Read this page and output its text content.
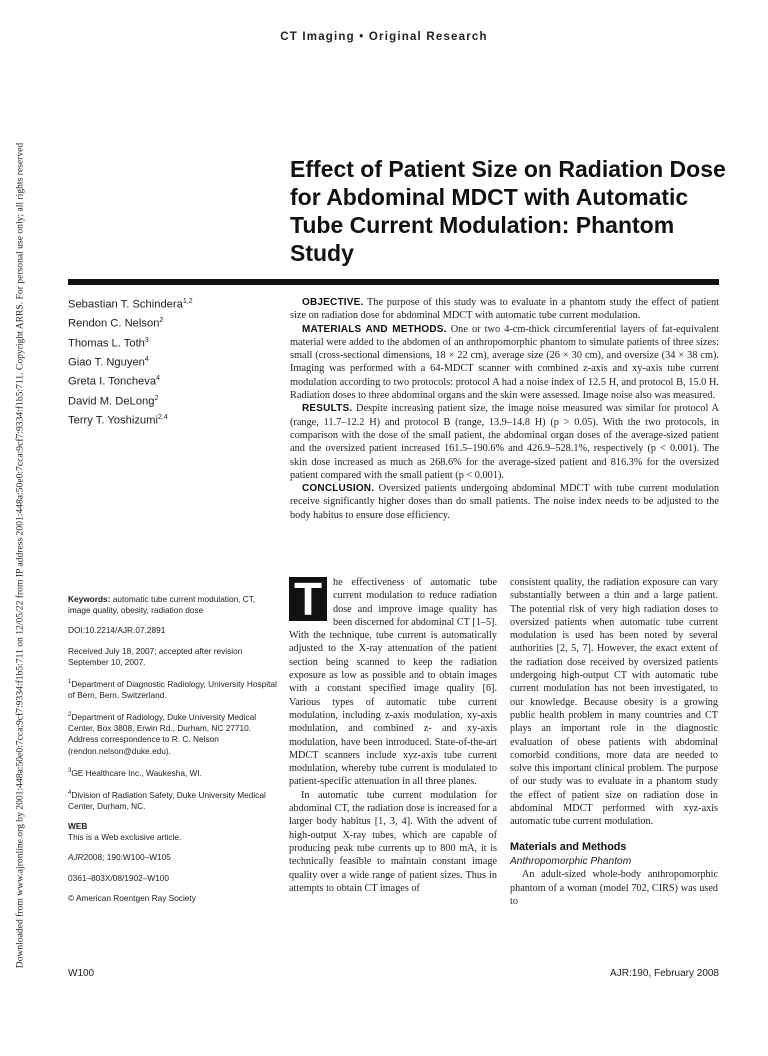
Downloaded from www.ajronline.org by 2001:448a:50e0:7cca:9cf7:9334:f1b5:711 on 12/05/22 from IP address 2001:448a:50e0:7cca:9cf7:9334:f1b5:711. Copyright ARRS. For personal use only; all rights reserved
CT Imaging • Original Research
Effect of Patient Size on Radiation Dose for Abdominal MDCT with Automatic Tube Current Modulation: Phantom Study
Sebastian T. Schindera$^{1,2}$
Rendon C. Nelson$^2$
Thomas L. Toth$^3$
Giao T. Nguyen$^4$
Greta I. Toncheva$^4$
David M. DeLong$^2$
Terry T. Yoshizumi$^{2,4}$

OBJECTIVE. The purpose of this study was to evaluate in a phantom study the effect of patient size on radiation dose for abdominal MDCT with automatic tube current modulation.

MATERIALS AND METHODS. One or two 4-cm-thick circumferential layers of fat-equivalent material were added to the abdomen of an anthropomorphic phantom to simulate patients of three sizes: small (cross-sectional dimensions, 18 × 22 cm), average size (26 × 30 cm), and oversize (34 × 38 cm). Imaging was performed with a 64-MDCT scanner with combined z-axis and xy-axis tube current modulation according to two protocols: protocol A had a noise index of 12.5 H, and protocol B, 15.0 H. Radiation doses to three abdominal organs and the skin were assessed. Image noise also was measured.

RESULTS. Despite increasing patient size, the image noise measured was similar for protocol A (range, 11.7–12.2 H) and protocol B (range, 13.9–14.8 H) (p > 0.05). With the two protocols, in comparison with the dose of the small patient, the abdominal organ doses of the average-sized patient and the oversized patient increased 161.5–190.6% and 426.9–528.1%, respectively (p < 0.001). The skin dose increased as much as 268.6% for the average-sized patient and 816.3% for the oversized patient compared with the small patient (p < 0.001).

CONCLUSION. Oversized patients undergoing abdominal MDCT with tube current modulation receive significantly higher doses than do small patients. The noise index needs to be adjusted to the body habitus to ensure dose efficiency.

Keywords: automatic tube current modulation, CT, image quality, obesity, radiation dose

DOI:10.2214/AJR.07.2891

Received July 18, 2007; accepted after revision September 10, 2007.

$^1$Department of Diagnostic Radiology, University Hospital of Bern, Bern, Switzerland.

$^2$Department of Radiology, Duke University Medical Center, Box 3808, Erwin Rd., Durham, NC 27710. Address correspondence to R. C. Nelson (rendon.nelson@duke.edu).

$^3$GE Healthcare Inc., Waukesha, WI.

$^4$Division of Radiation Safety, Duke University Medical Center, Durham, NC.

WEB
This is a Web exclusive article.

AJR2008; 190:W100–W105

0361–803X/08/1902–W100

© American Roentgen Ray Society

T	he effectiveness of automatic tube current modulation to reduce radiation dose and improve image quality has been discerned for abdominal CT [1–5]. With the technique, tube current is automatically adjusted to the X-ray attenuation of the patient section being scanned to keep the radiation exposure as low as possible and to obtain images with a constant specified image quality [6]. Various types of automatic tube current modulation, including z-axis modulation, xy-axis modulation, and combined z- and xy-axis modulation, have been introduced. State-of-the-art MDCT scanners include xyz-axis tube current modulation, whereby tube current is modulated to patient-specific attenuation in all three planes.

In automatic tube current modulation for abdominal CT, the radiation dose is increased for a larger body habitus [1, 3, 4]. With the advent of high-output X-ray tubes, which are capable of producing peak tube currents up to 800 mA, it is technically feasible to maintain constant image quality over a wide range of patient sizes. Thus in attempts to obtain CT images of

consistent quality, the radiation exposure can vary substantially between a thin and a large patient. The potential risk of very high radiation doses to oversized patients when automatic tube current modulation is used has been noted by several authorities [2, 5, 7]. However, the exact extent of the radiation dose received by oversized patients undergoing high-output CT with automatic tube current modulation has not been investigated, to our knowledge. Because obesity is a growing public health problem in many countries and CT plays an important role in the diagnostic evaluation of obese patients with abdominal comorbid conditions, more data are needed to solve this important clinical problem. The purpose of our study was to evaluate in a phantom study the effect of patient size on radiation dose in abdominal MDCT performed with xyz-axis automatic tube current modulation.

Materials and Methods

Anthropomorphic Phantom

An adult-sized whole-body anthropomorphic phantom of a woman (model 702, CIRS) was used to

W100	AJR:190, February 2008
